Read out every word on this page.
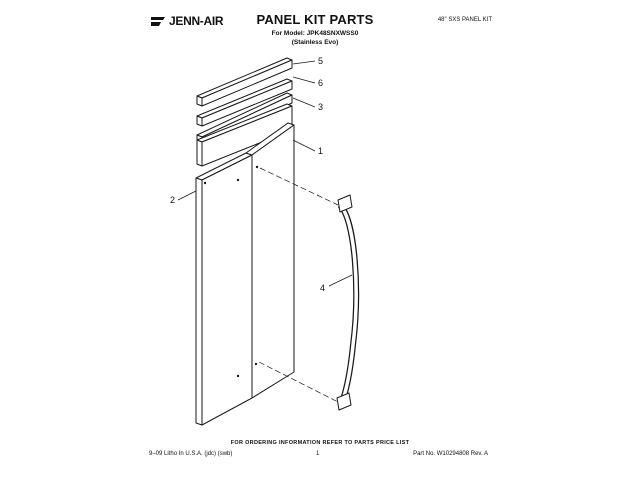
JENN-AIR	PANEL KIT PARTS
For Model: JPK48SNXWSS0
(Stainless Evo)
48" SXS PANEL KIT
5
6
3
1
2
4
FOR ORDERING INFORMATION REFER TO PARTS PRICE LIST
9–09 Litho In U.S.A. (jdc) (swb)	1	Part No. W10294808 Rev. A
